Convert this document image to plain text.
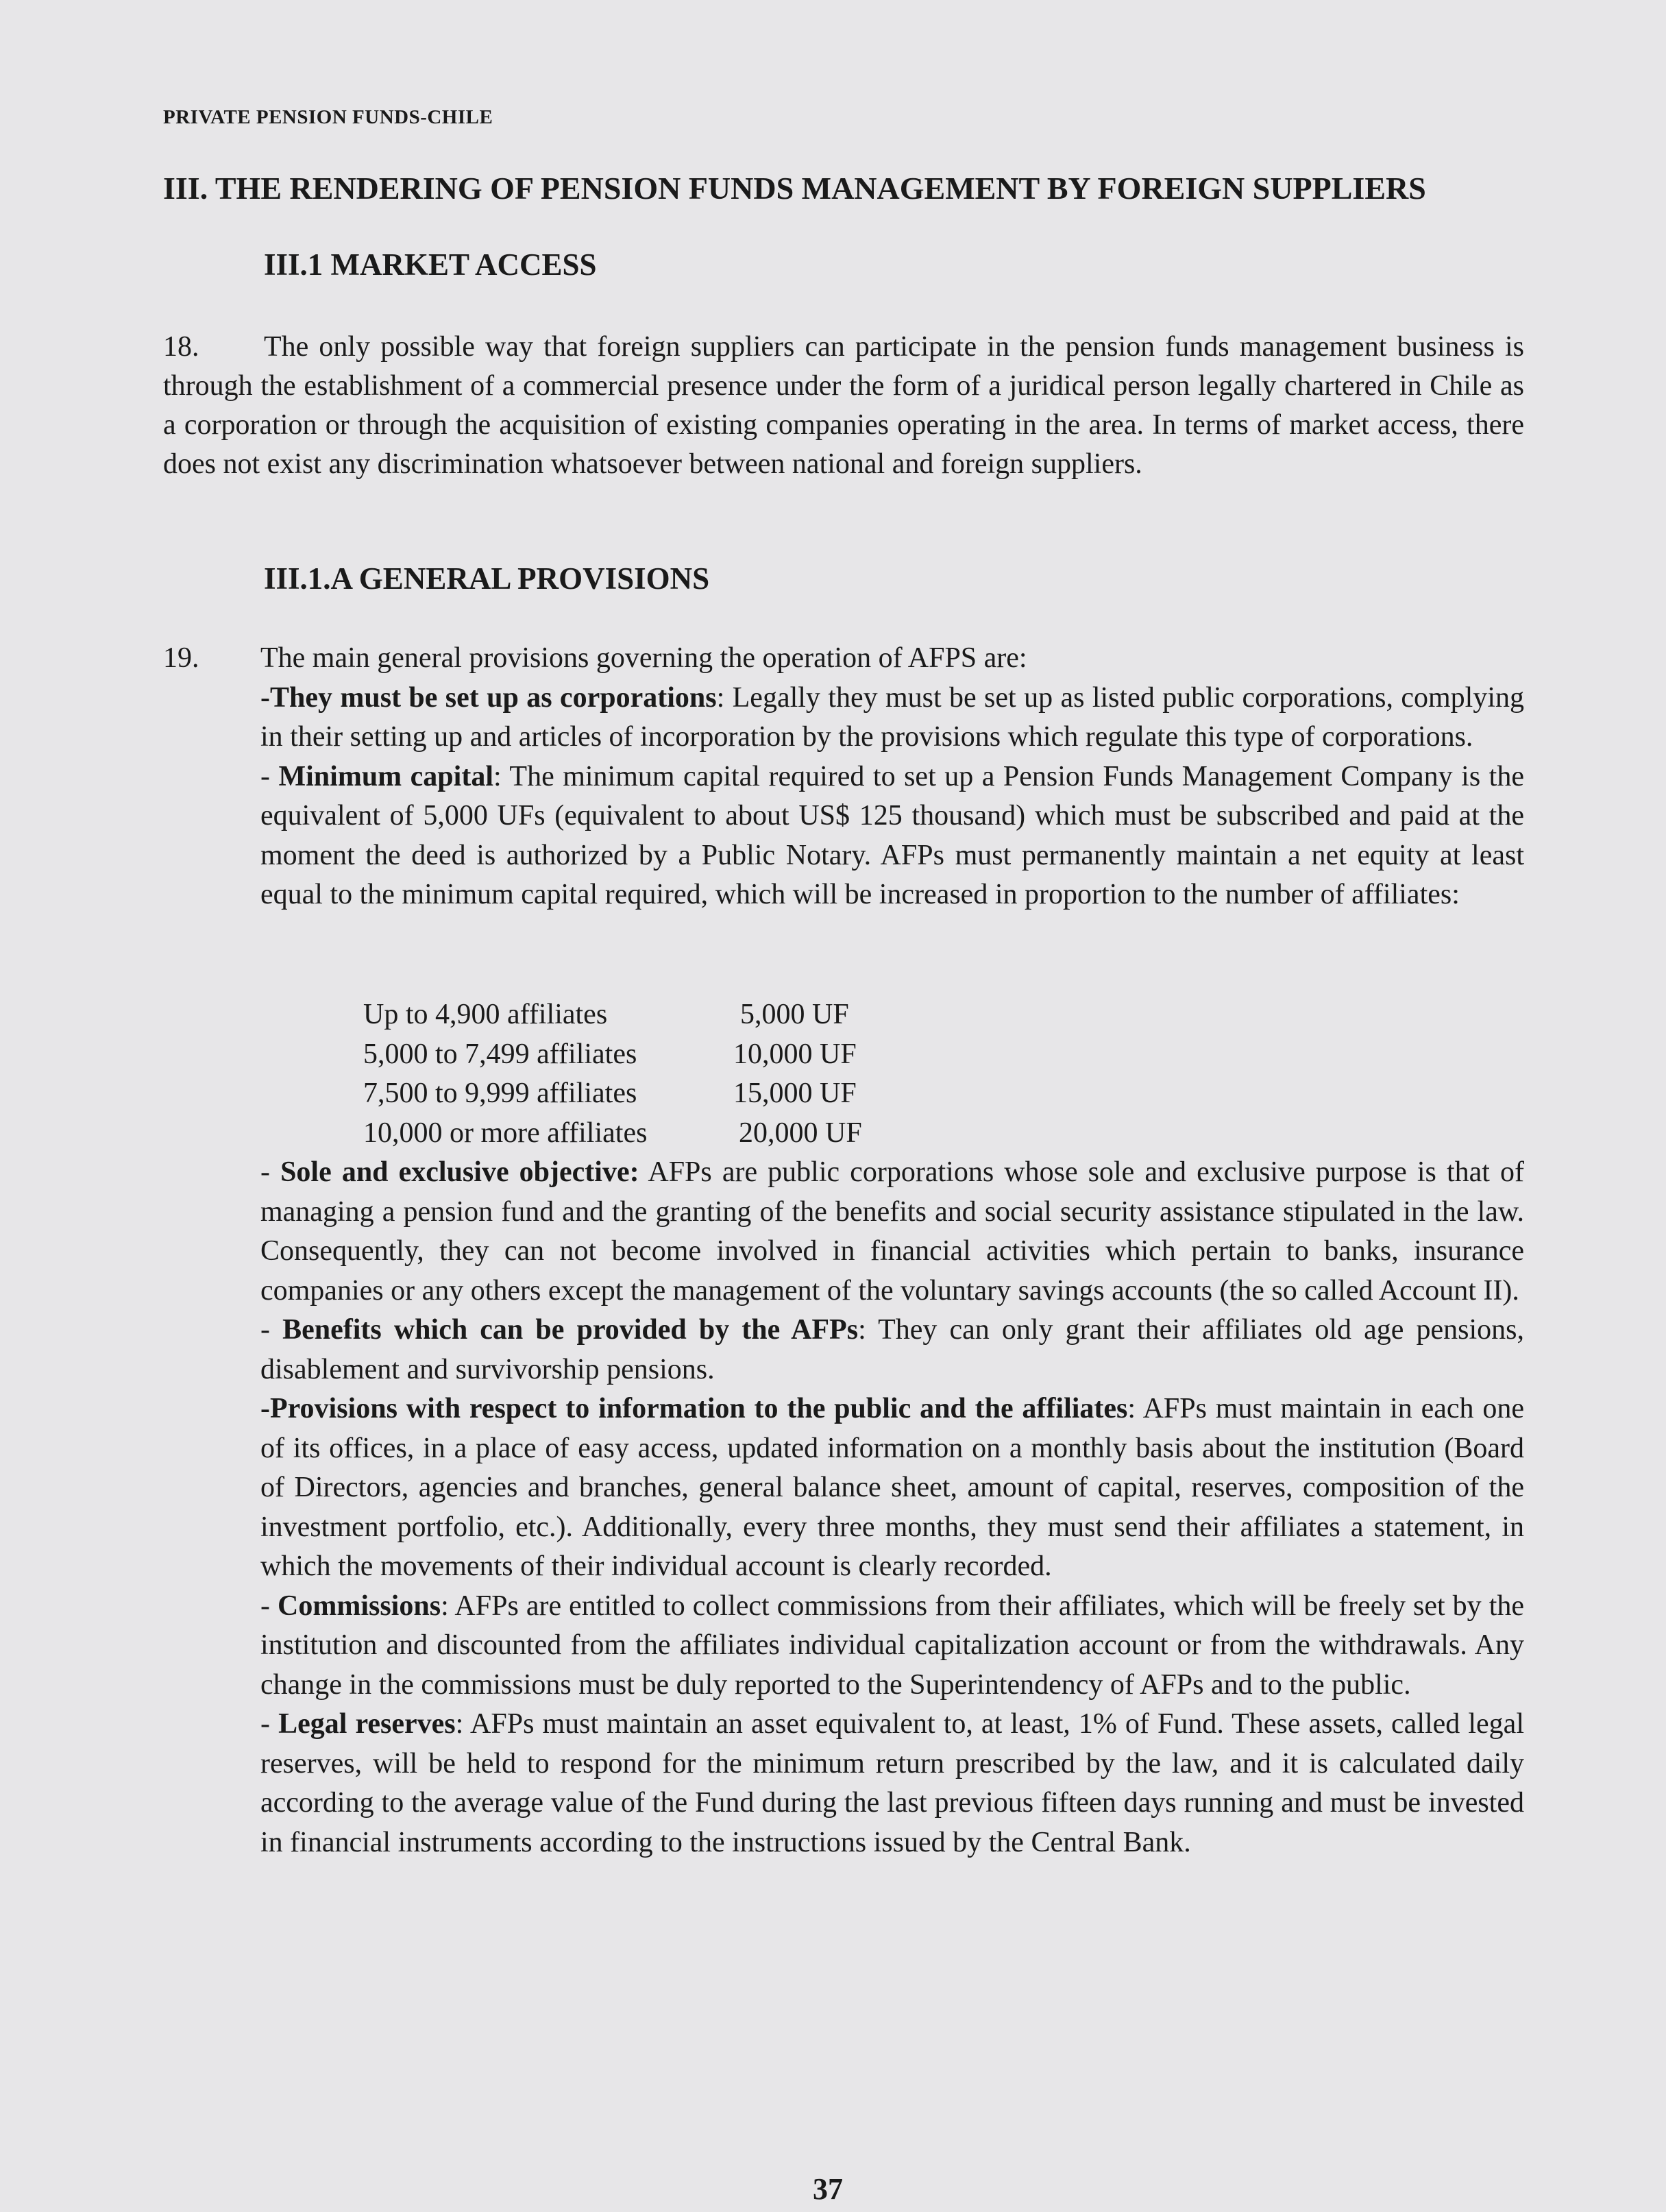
PRIVATE PENSION FUNDS-CHILE
III. THE RENDERING OF PENSION FUNDS MANAGEMENT BY FOREIGN SUPPLIERS
III.1 MARKET ACCESS
18. The only possible way that foreign suppliers can participate in the pension funds management business is through the establishment of a commercial presence under the form of a juridical person legally chartered in Chile as a corporation or through the acquisition of existing companies operating in the area. In terms of market access, there does not exist any discrimination whatsoever between national and foreign suppliers.
III.1.A GENERAL PROVISIONS
19. The main general provisions governing the operation of AFPS are:

-They must be set up as corporations: Legally they must be set up as listed public corporations, complying in their setting up and articles of incorporation by the provisions which regulate this type of corporations.

- Minimum capital: The minimum capital required to set up a Pension Funds Management Company is the equivalent of 5,000 UFs (equivalent to about US$ 125 thousand) which must be subscribed and paid at the moment the deed is authorized by a Public Notary. AFPs must permanently maintain a net equity at least equal to the minimum capital required, which will be increased in proportion to the number of affiliates:

Up to 4,900 affiliates	5,000 UF
5,000 to 7,499 affiliates	10,000 UF
7,500 to 9,999 affiliates	15,000 UF
10,000 or more affiliates	20,000 UF

- Sole and exclusive objective: AFPs are public corporations whose sole and exclusive purpose is that of managing a pension fund and the granting of the benefits and social security assistance stipulated in the law. Consequently, they can not become involved in financial activities which pertain to banks, insurance companies or any others except the management of the voluntary savings accounts (the so called Account II).

- Benefits which can be provided by the AFPs: They can only grant their affiliates old age pensions, disablement and survivorship pensions.

-Provisions with respect to information to the public and the affiliates: AFPs must maintain in each one of its offices, in a place of easy access, updated information on a monthly basis about the institution (Board of Directors, agencies and branches, general balance sheet, amount of capital, reserves, composition of the investment portfolio, etc.). Additionally, every three months, they must send their affiliates a statement, in which the movements of their individual account is clearly recorded.

- Commissions: AFPs are entitled to collect commissions from their affiliates, which will be freely set by the institution and discounted from the affiliates individual capitalization account or from the withdrawals. Any change in the commissions must be duly reported to the Superintendency of AFPs and to the public.

- Legal reserves: AFPs must maintain an asset equivalent to, at least, 1% of Fund. These assets, called legal reserves, will be held to respond for the minimum return prescribed by the law, and it is calculated daily according to the average value of the Fund during the last previous fifteen days running and must be invested in financial instruments according to the instructions issued by the Central Bank.

37
